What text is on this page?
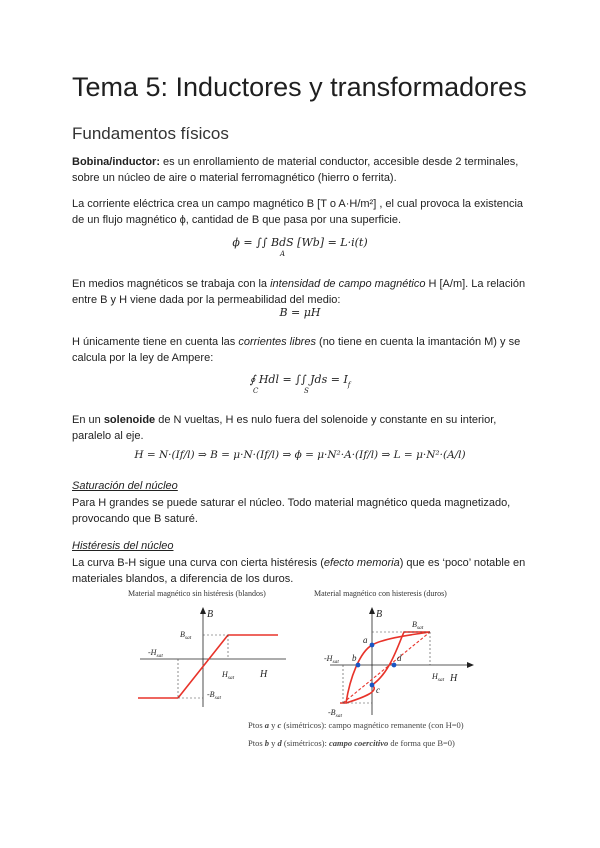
Tema 5: Inductores y transformadores
Fundamentos físicos
Bobina/inductor: es un enrollamiento de material conductor, accesible desde 2 terminales, sobre un núcleo de aire o material ferromagnético (hierro o ferrita).
La corriente eléctrica crea un campo magnético B [T o A·H/m²] , el cual provoca la existencia de un flujo magnético ϕ, cantidad de B que pasa por una superficie.
ϕ = ∫∫ BdS [Wb] = L·i(t)
A
En medios magnéticos se trabaja con la intensidad de campo magnético H [A/m]. La relación entre B y H viene dada por la permeabilidad del medio:
B = μH
H únicamente tiene en cuenta las corrientes libres (no tiene en cuenta la imantación M) y se calcula por la ley de Ampere:
∮ Hdl = ∫∫ Jds = $I_f$
C	S
En un solenoide de N vueltas, H es nulo fuera del solenoide y constante en su interior, paralelo al eje.
H = N·(If/l) ⇒ B = μ·N·(If/l) ⇒ ϕ = μ·N²·A·(If/l) ⇒ L = μ·N²·(A/l)
Saturación del núcleo
Para H grandes se puede saturar el núcleo. Todo material magnético queda magnetizado, provocando que B saturé.
Histéresis del núcleo
La curva B-H sigue una curva con cierta histéresis (efecto memoria) que es ‘poco’ notable en materiales blandos, a diferencia de los duros.
Material magnético sin histéresis (blandos)
B
H
$B_{sat}$
$H_{sat}$
$-H_{sat}$
$-B_{sat}$
Material magnético con histeresis (duros)
B
H
$B_{sat}$
$H_{sat}$
$-H_{sat}$
$-B_{sat}$
a
b
c
d
Ptos a y c (simétricos): campo magnético remanente (con H=0)
Ptos b y d (simétricos): campo coercitivo de forma que B=0)
